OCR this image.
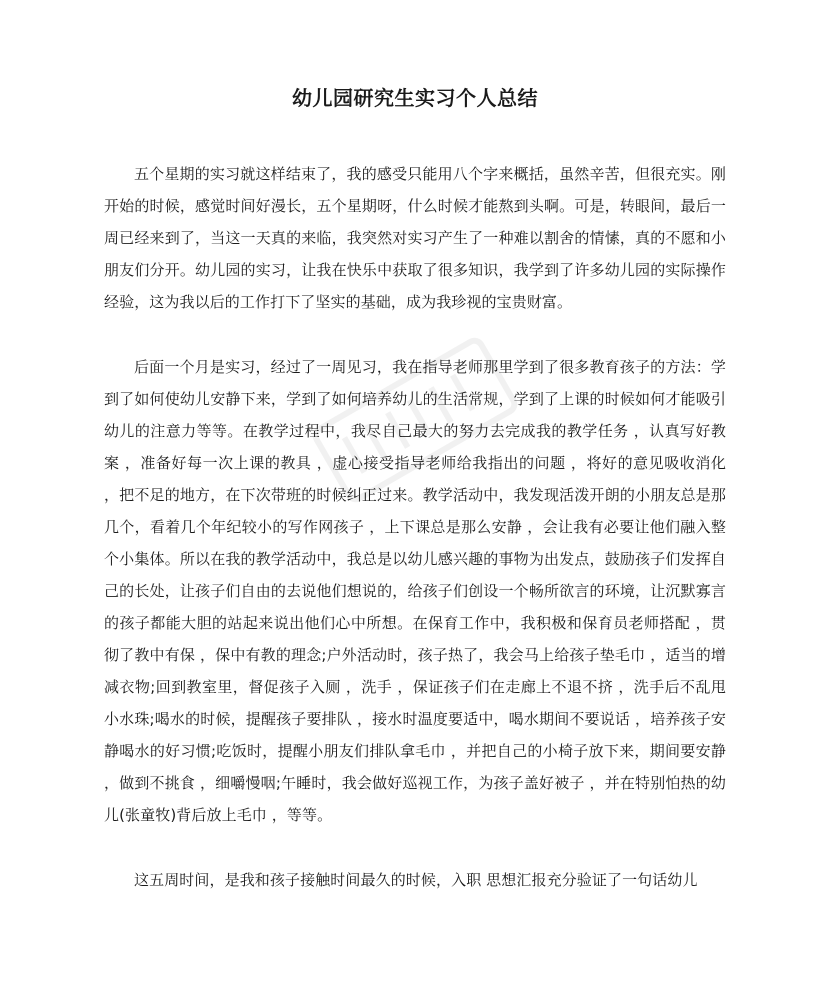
幼儿园研究生实习个人总结

五个星期的实习就这样结束了，我的感受只能用八个字来概括，虽然辛苦，但很充实。刚开始的时候，感觉时间好漫长，五个星期呀，什么时候才能熬到头啊。可是，转眼间，最后一周已经来到了，当这一天真的来临，我突然对实习产生了一种难以割舍的情愫，真的不愿和小朋友们分开。幼儿园的实习，让我在快乐中获取了很多知识，我学到了许多幼儿园的实际操作经验，这为我以后的工作打下了坚实的基础，成为我珍视的宝贵财富。

后面一个月是实习，经过了一周见习，我在指导老师那里学到了很多教育孩子的方法：学到了如何使幼儿安静下来，学到了如何培养幼儿的生活常规，学到了上课的时候如何才能吸引幼儿的注意力等等。在教学过程中，我尽自己最大的努力去完成我的教学任务 ，认真写好教案 ，准备好每一次上课的教具 ，虚心接受指导老师给我指出的问题 ，将好的意见吸收消化 ，把不足的地方，在下次带班的时候纠正过来。教学活动中，我发现活泼开朗的小朋友总是那几个，看着几个年纪较小的写作网孩子 ，上下课总是那么安静 ，会让我有必要让他们融入整个小集体。所以在我的教学活动中，我总是以幼儿感兴趣的事物为出发点，鼓励孩子们发挥自己的长处，让孩子们自由的去说他们想说的，给孩子们创设一个畅所欲言的环境，让沉默寡言的孩子都能大胆的站起来说出他们心中所想。在保育工作中，我积极和保育员老师搭配 ，贯彻了教中有保 ，保中有教的理念;户外活动时，孩子热了，我会马上给孩子垫毛巾 ，适当的增减衣物;回到教室里，督促孩子入厕 ，洗手 ，保证孩子们在走廊上不退不挤 ，洗手后不乱甩小水珠;喝水的时候，提醒孩子要排队 ，接水时温度要适中，喝水期间不要说话 ，培养孩子安静喝水的好习惯;吃饭时，提醒小朋友们排队拿毛巾 ，并把自己的小椅子放下来，期间要安静 ，做到不挑食 ，细嚼慢咽;午睡时，我会做好巡视工作，为孩子盖好被子 ，并在特别怕热的幼儿(张童牧)背后放上毛巾 ，等等。

这五周时间，是我和孩子接触时间最久的时候，入职 思想汇报充分验证了一句话幼儿
